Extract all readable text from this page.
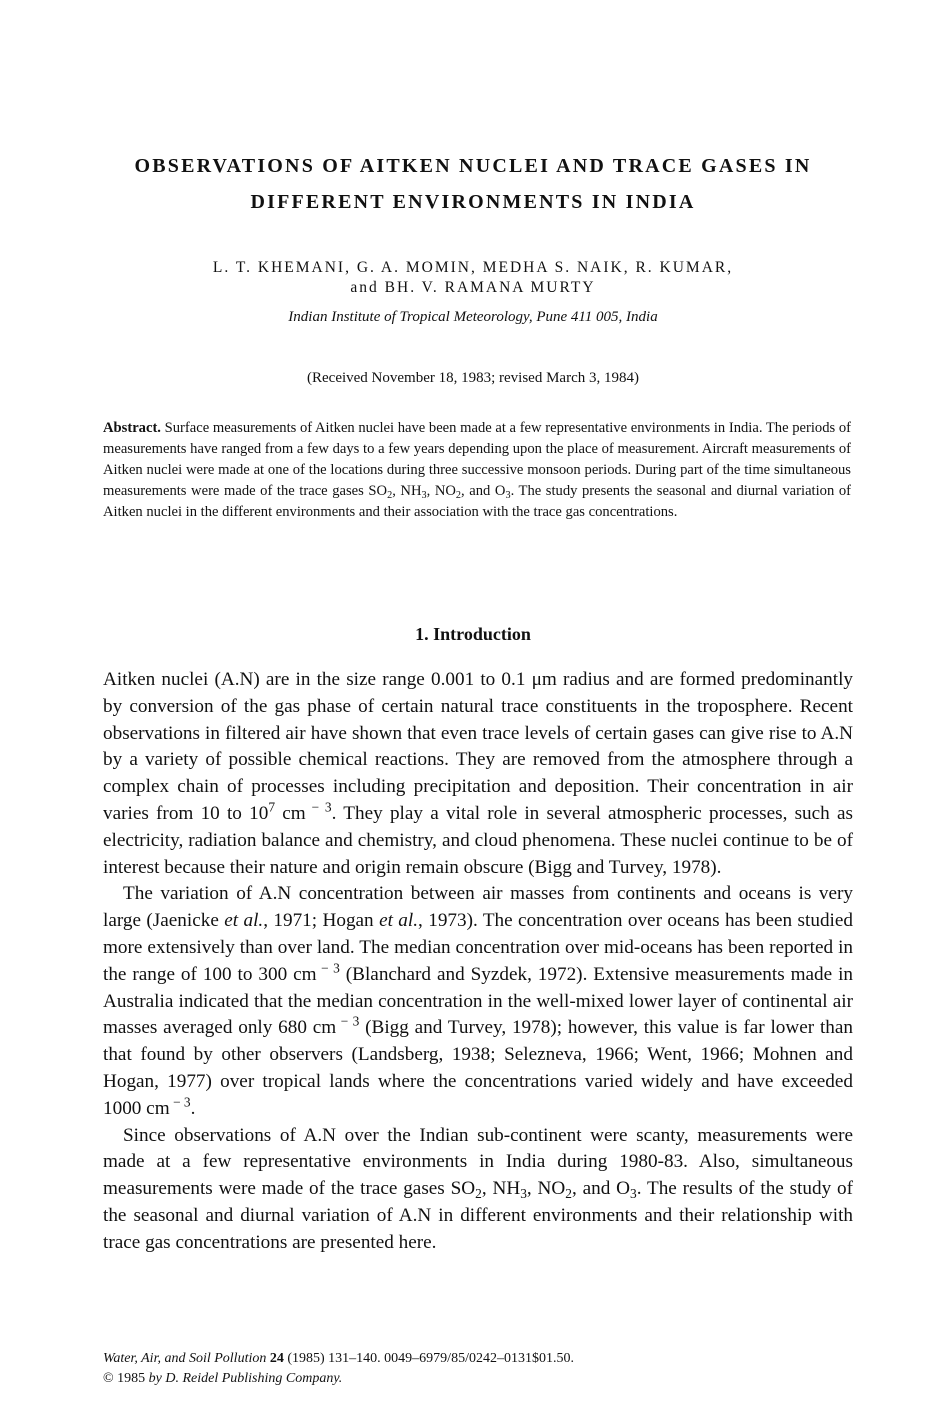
OBSERVATIONS OF AITKEN NUCLEI AND TRACE GASES IN
DIFFERENT ENVIRONMENTS IN INDIA
L. T. KHEMANI, G. A. MOMIN, MEDHA S. NAIK, R. KUMAR,
and BH. V. RAMANA MURTY
Indian Institute of Tropical Meteorology, Pune 411 005, India
(Received November 18, 1983; revised March 3, 1984)
Abstract. Surface measurements of Aitken nuclei have been made at a few representative environments in India. The periods of measurements have ranged from a few days to a few years depending upon the place of measurement. Aircraft measurements of Aitken nuclei were made at one of the locations during three successive monsoon periods. During part of the time simultaneous measurements were made of the trace gases $SO_2$, $NH_3$, $NO_2$, and $O_3$. The study presents the seasonal and diurnal variation of Aitken nuclei in the different environments and their association with the trace gas concentrations.
1. Introduction

Aitken nuclei (A.N) are in the size range 0.001 to 0.1 μm radius and are formed predominantly by conversion of the gas phase of certain natural trace constituents in the troposphere. Recent observations in filtered air have shown that even trace levels of certain gases can give rise to A.N by a variety of possible chemical reactions. They are removed from the atmosphere through a complex chain of processes including precipitation and deposition. Their concentration in air varies from 10 to $10^7$ cm $^{- 3}$. They play a vital role in several atmospheric processes, such as electricity, radiation balance and chemistry, and cloud phenomena. These nuclei continue to be of interest because their nature and origin remain obscure (Bigg and Turvey, 1978).

The variation of A.N concentration between air masses from continents and oceans is very large (Jaenicke et al., 1971; Hogan et al., 1973). The concentration over oceans has been studied more extensively than over land. The median concentration over mid-oceans has been reported in the range of 100 to 300 cm $^{- 3}$ (Blanchard and Syzdek, 1972). Extensive measurements made in Australia indicated that the median concentration in the well-mixed lower layer of continental air masses averaged only 680 cm $^{- 3}$ (Bigg and Turvey, 1978); however, this value is far lower than that found by other observers (Landsberg, 1938; Selezneva, 1966; Went, 1966; Mohnen and Hogan, 1977) over tropical lands where the concentrations varied widely and have exceeded 1000 cm $^{- 3}$.

Since observations of A.N over the Indian sub-continent were scanty, measurements were made at a few representative environments in India during 1980-83. Also, simultaneous measurements were made of the trace gases $SO_2$, $NH_3$, $NO_2$, and $O_3$. The results of the study of the seasonal and diurnal variation of A.N in different environments and their relationship with trace gas concentrations are presented here.

Water, Air, and Soil Pollution 24 (1985) 131–140. 0049–6979/85/0242–0131$01.50.
© 1985 by D. Reidel Publishing Company.
